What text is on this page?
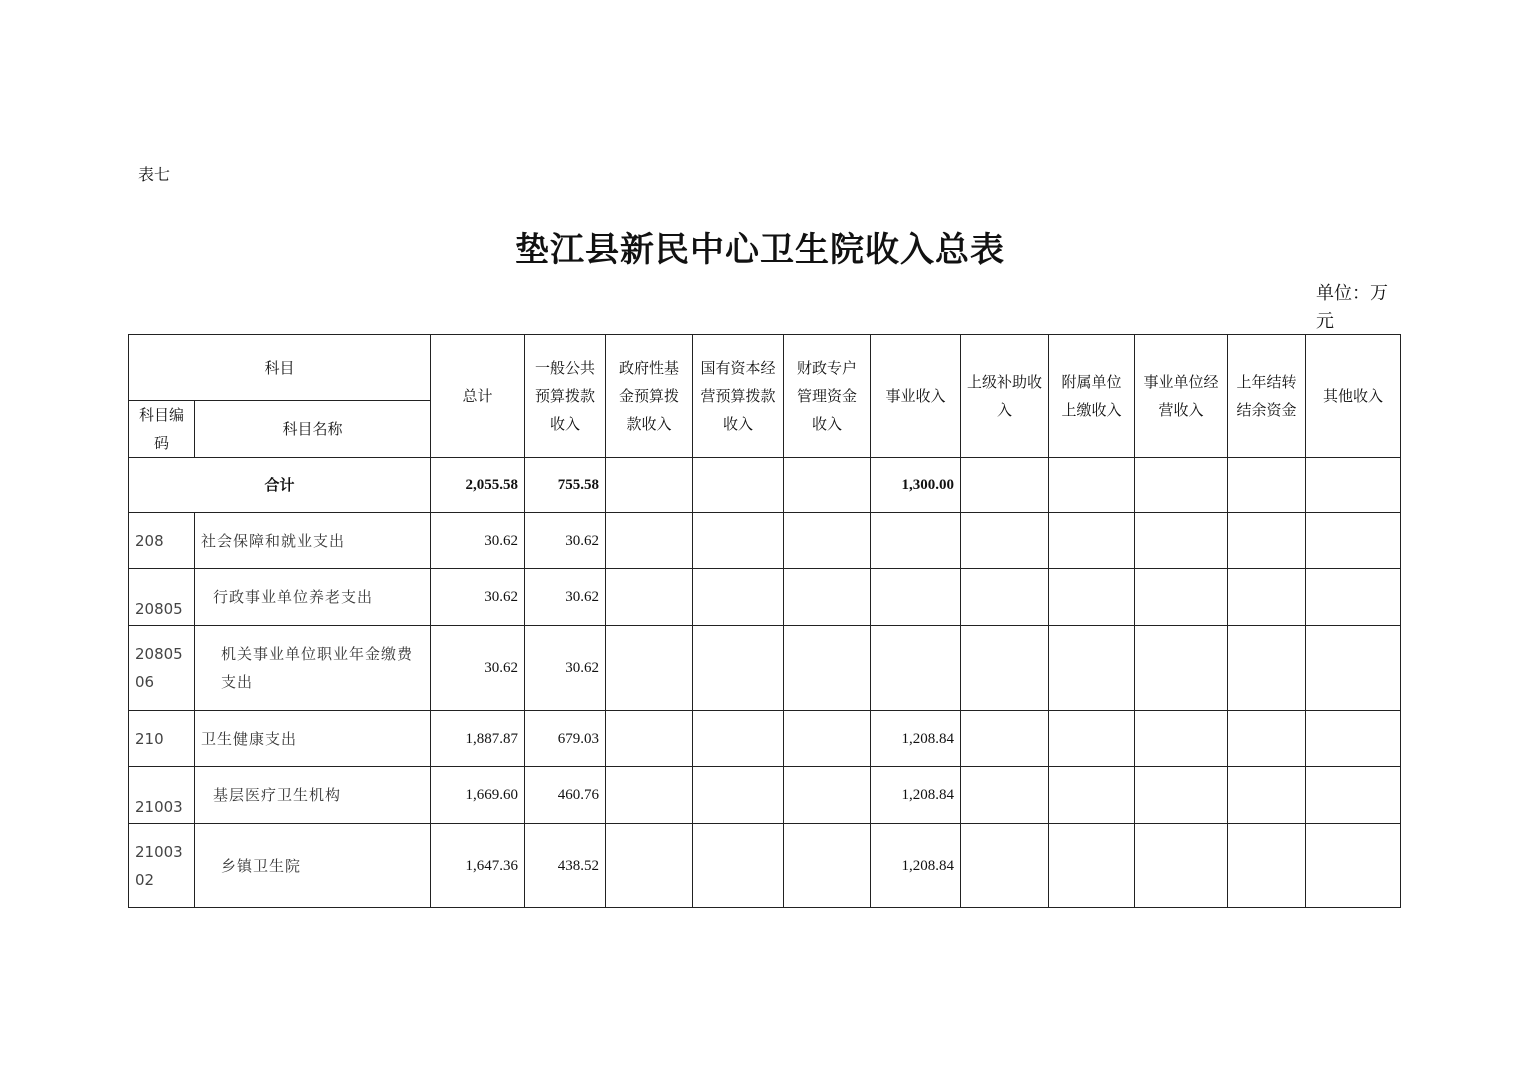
表七
垫江县新民中心卫生院收入总表
单位：万元
科目		总计	一般公共预算拨款收入	政府性基金预算拨款收入	国有资本经营预算拨款收入	财政专户管理资金收入	事业收入	上级补助收入	附属单位上缴收入	事业单位经营收入	上年结转结余资金	其他收入
科目编码	科目名称											
合计		2,055.58	755.58				1,300.00					
208	社会保障和就业支出	30.62	30.62									
20805	行政事业单位养老支出	30.62	30.62									
2080506	机关事业单位职业年金缴费支出	30.62	30.62									
210	卫生健康支出	1,887.87	679.03				1,208.84					
21003	基层医疗卫生机构	1,669.60	460.76				1,208.84					
2100302	乡镇卫生院	1,647.36	438.52				1,208.84					
